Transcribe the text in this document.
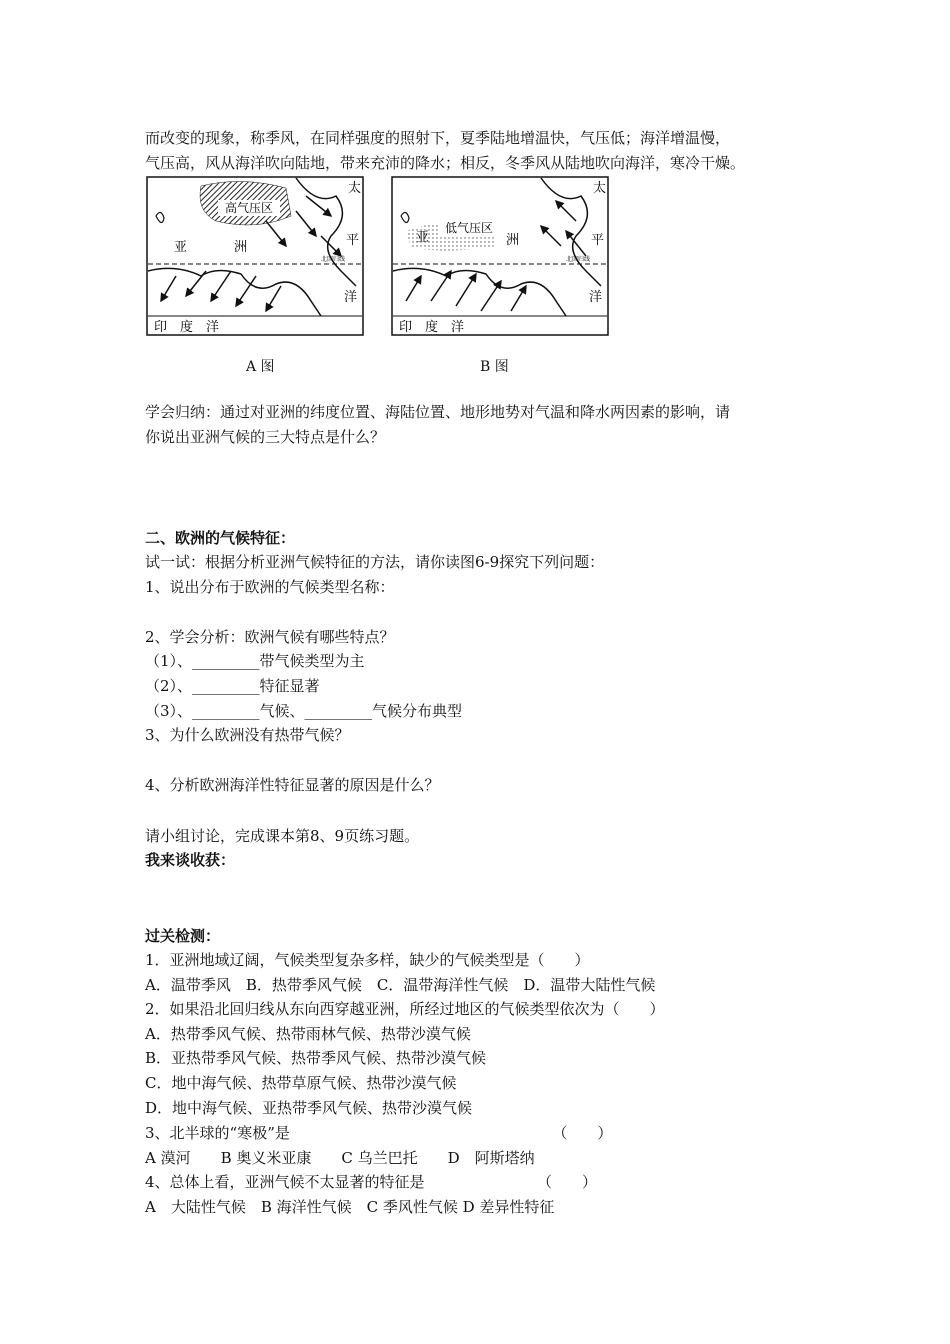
而改变的现象，称季风，在同样强度的照射下，夏季陆地增温快，气压低；海洋增温慢，
气压高，风从海洋吹向陆地，带来充沛的降水；相反，冬季风从陆地吹向海洋，寒冷干燥。
高气压区
亚	洲
太
平
北回归线
洋
印　度　洋
A 图
低气压区
亚	洲
太
平
北回归线
洋
印　度　洋
B 图
学会归纳：通过对亚洲的纬度位置、海陆位置、地形地势对气温和降水两因素的影响，请
你说出亚洲气候的三大特点是什么？
二、欧洲的气候特征：
试一试：根据分析亚洲气候特征的方法，请你读图6-9探究下列问题：
1、说出分布于欧洲的气候类型名称：
2、学会分析：欧洲气候有哪些特点？
（1）、_________带气候类型为主
（2）、_________特征显著
（3）、_________气候、_________气候分布典型
3、为什么欧洲没有热带气候？
4、分析欧洲海洋性特征显著的原因是什么？
请小组讨论，完成课本第8、9页练习题。
我来谈收获：
过关检测：
1．亚洲地域辽阔，气候类型复杂多样，缺少的气候类型是（　　）
A．温带季风　B．热带季风气候　C．温带海洋性气候　D．温带大陆性气候
2．如果沿北回归线从东向西穿越亚洲，所经过地区的气候类型依次为（　　）
A．热带季风气候、热带雨林气候、热带沙漠气候
B．亚热带季风气候、热带季风气候、热带沙漠气候
C．地中海气候、热带草原气候、热带沙漠气候
D．地中海气候、亚热带季风气候、热带沙漠气候
3、北半球的“寒极”是　　　　　　　　　　　　　　　　　　（　　）
A 漠河　　B 奥义米亚康　　C 乌兰巴托　　D　阿斯塔纳
4、总体上看，亚洲气候不太显著的特征是　　　　　　　　（　　）
A　大陆性气候　B 海洋性气候　C 季风性气候 D 差异性特征
